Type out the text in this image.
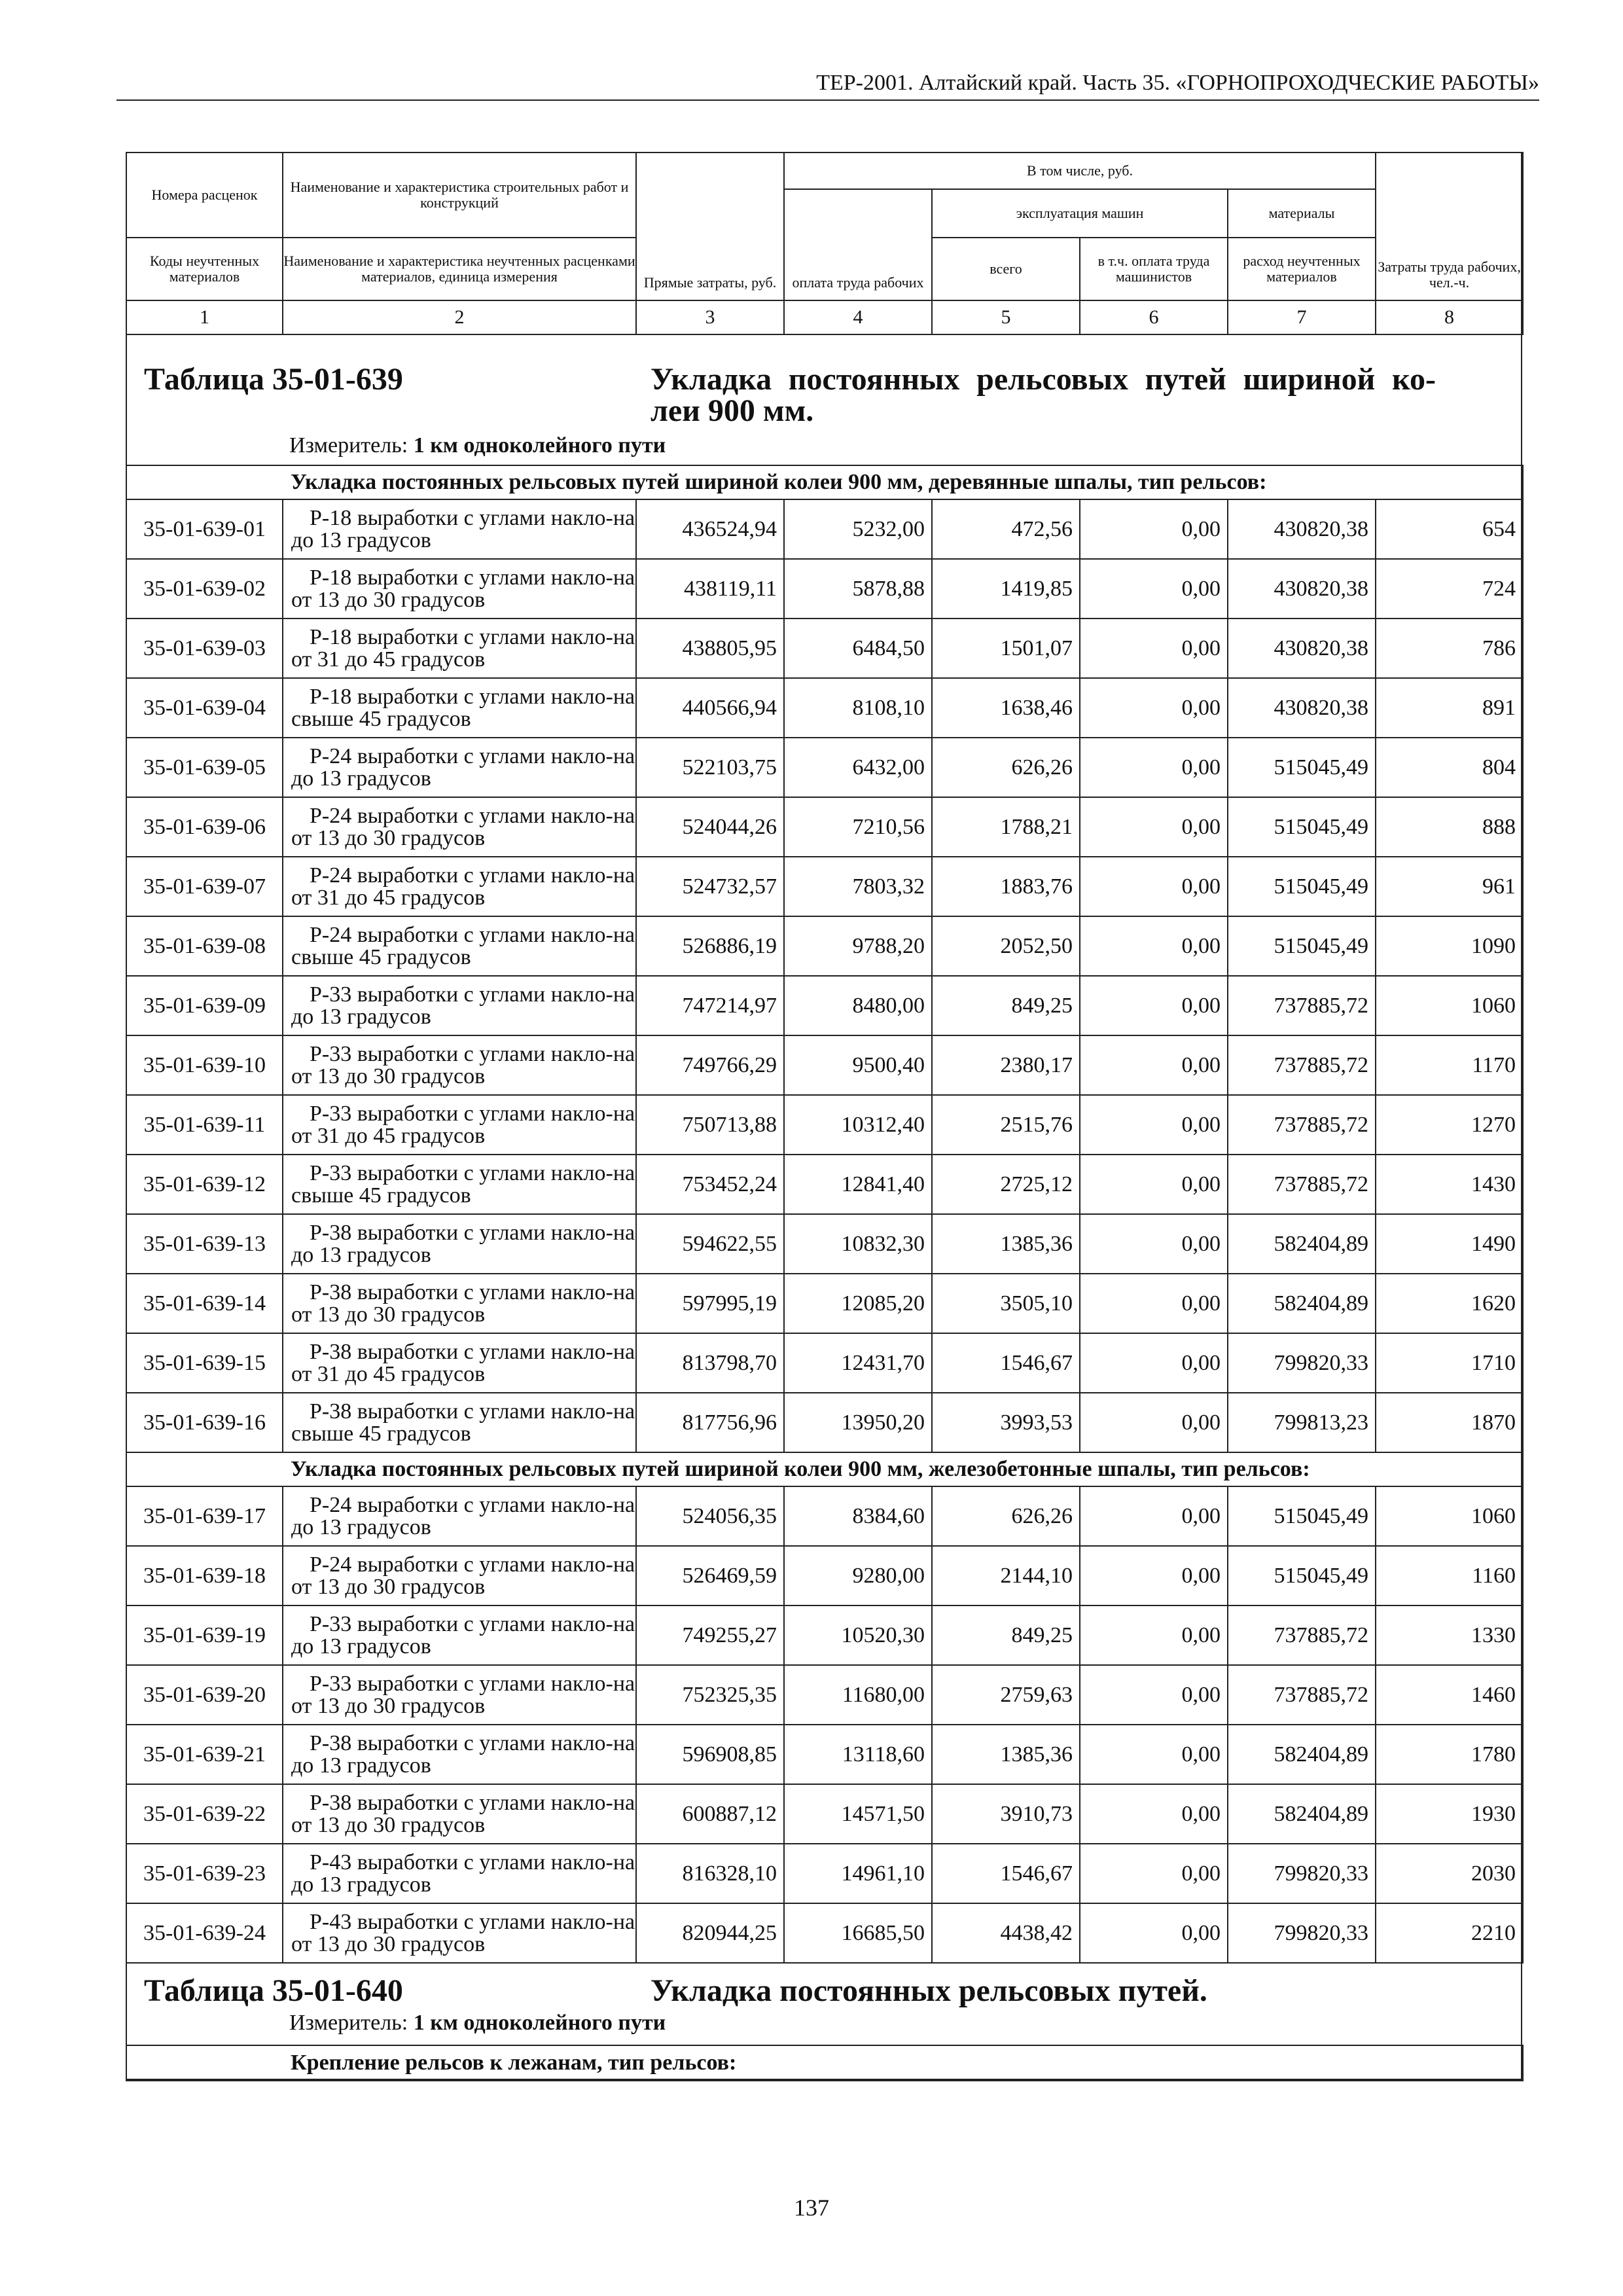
ТЕР-2001. Алтайский край. Часть 35. «ГОРНОПРОХОДЧЕСКИЕ РАБОТЫ»
Номера расценок	Наименование и характеристика строительных работ и конструкций	Прямые затраты, руб.	В том числе, руб.				Затраты труда рабочих, чел.-ч.
			оплата труда рабочих	эксплуатация машин		материалы	
Коды неучтенных материалов	Наименование и характеристика неучтенных расценками материалов, единица измерения			всего	в т.ч. оплата труда машинистов	расход неучтенных материалов	
1	2	3	4	5	6	7	8
Таблица 35-01-639	Укладка постоянных рельсовых путей шириной ко-леи 900 мм.
Измеритель: 1 км одноколейного пути
Укладка постоянных рельсовых путей шириной колеи 900 мм, деревянные шпалы, тип рельсов:							
35-01-639-01	Р-18 выработки с углами накло-на до 13 градусов	436524,94	5232,00	472,56	0,00	430820,38	654
35-01-639-02	Р-18 выработки с углами накло-на от 13 до 30 градусов	438119,11	5878,88	1419,85	0,00	430820,38	724
35-01-639-03	Р-18 выработки с углами накло-на от 31 до 45 градусов	438805,95	6484,50	1501,07	0,00	430820,38	786
35-01-639-04	Р-18 выработки с углами накло-на свыше 45 градусов	440566,94	8108,10	1638,46	0,00	430820,38	891
35-01-639-05	Р-24 выработки с углами накло-на до 13 градусов	522103,75	6432,00	626,26	0,00	515045,49	804
35-01-639-06	Р-24 выработки с углами накло-на от 13 до 30 градусов	524044,26	7210,56	1788,21	0,00	515045,49	888
35-01-639-07	Р-24 выработки с углами накло-на от 31 до 45 градусов	524732,57	7803,32	1883,76	0,00	515045,49	961
35-01-639-08	Р-24 выработки с углами накло-на свыше 45 градусов	526886,19	9788,20	2052,50	0,00	515045,49	1090
35-01-639-09	Р-33 выработки с углами накло-на до 13 градусов	747214,97	8480,00	849,25	0,00	737885,72	1060
35-01-639-10	Р-33 выработки с углами накло-на от 13 до 30 градусов	749766,29	9500,40	2380,17	0,00	737885,72	1170
35-01-639-11	Р-33 выработки с углами накло-на от 31 до 45 градусов	750713,88	10312,40	2515,76	0,00	737885,72	1270
35-01-639-12	Р-33 выработки с углами накло-на свыше 45 градусов	753452,24	12841,40	2725,12	0,00	737885,72	1430
35-01-639-13	Р-38 выработки с углами накло-на до 13 градусов	594622,55	10832,30	1385,36	0,00	582404,89	1490
35-01-639-14	Р-38 выработки с углами накло-на от 13 до 30 градусов	597995,19	12085,20	3505,10	0,00	582404,89	1620
35-01-639-15	Р-38 выработки с углами накло-на от 31 до 45 градусов	813798,70	12431,70	1546,67	0,00	799820,33	1710
35-01-639-16	Р-38 выработки с углами накло-на свыше 45 градусов	817756,96	13950,20	3993,53	0,00	799813,23	1870
Укладка постоянных рельсовых путей шириной колеи 900 мм, железобетонные шпалы, тип рельсов:							
35-01-639-17	Р-24 выработки с углами накло-на до 13 градусов	524056,35	8384,60	626,26	0,00	515045,49	1060
35-01-639-18	Р-24 выработки с углами накло-на от 13 до 30 градусов	526469,59	9280,00	2144,10	0,00	515045,49	1160
35-01-639-19	Р-33 выработки с углами накло-на до 13 градусов	749255,27	10520,30	849,25	0,00	737885,72	1330
35-01-639-20	Р-33 выработки с углами накло-на от 13 до 30 градусов	752325,35	11680,00	2759,63	0,00	737885,72	1460
35-01-639-21	Р-38 выработки с углами накло-на до 13 градусов	596908,85	13118,60	1385,36	0,00	582404,89	1780
35-01-639-22	Р-38 выработки с углами накло-на от 13 до 30 градусов	600887,12	14571,50	3910,73	0,00	582404,89	1930
35-01-639-23	Р-43 выработки с углами накло-на до 13 градусов	816328,10	14961,10	1546,67	0,00	799820,33	2030
35-01-639-24	Р-43 выработки с углами накло-на от 13 до 30 градусов	820944,25	16685,50	4438,42	0,00	799820,33	2210
Таблица 35-01-640	Укладка постоянных рельсовых путей.
Измеритель: 1 км одноколейного пути
Крепление рельсов к лежанам, тип рельсов:
137
